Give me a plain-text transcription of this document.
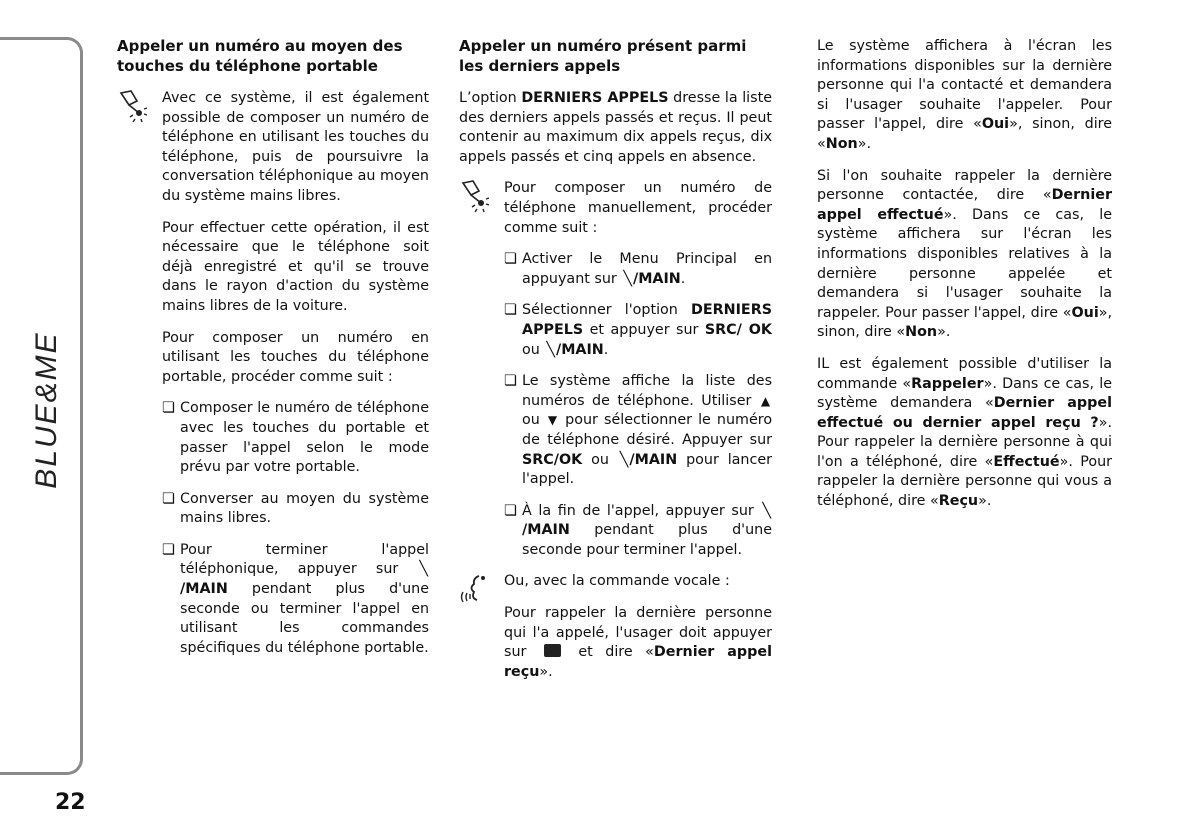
BLUE&ME
22
Appeler un numéro au moyen des touches du téléphone portable

Avec ce système, il est également possible de composer un numéro de téléphone en utilisant les touches du téléphone, puis de poursuivre la conversation téléphonique au moyen du système mains libres.

Pour effectuer cette opération, il est nécessaire que le téléphone soit déjà enregistré et qu'il se trouve dans le rayon d'action du système mains libres de la voiture.

Pour composer un numéro en utilisant les touches du téléphone portable, procéder comme suit :

❏ Composer le numéro de téléphone avec les touches du portable et passer l'appel selon le mode prévu par votre portable.

❏ Converser au moyen du système mains libres.

❏ Pour	terminer	l'appel téléphonique, appuyer sur ╲/MAIN pendant plus d'une seconde ou terminer l'appel en utilisant	les	commandes spécifiques du téléphone portable.

Appeler un numéro présent parmi les derniers appels

L’option DERNIERS APPELS dresse la liste des derniers appels passés et reçus. Il peut contenir au maximum dix appels reçus, dix appels passés et cinq appels en absence.

Pour composer un numéro de téléphone manuellement, procéder comme suit :

❏ Activer le Menu Principal en appuyant sur ╲/MAIN.

❏ Sélectionner l'option DERNIERS APPELS et appuyer sur SRC/ OK ou ╲/MAIN.

❏ Le système affiche la liste des numéros de téléphone. Utiliser ▲ ou ▼ pour sélectionner le numéro de téléphone désiré. Appuyer sur SRC/OK ou ╲/MAIN pour lancer l'appel.

❏ À la fin de l'appel, appuyer sur ╲/MAIN pendant plus d'une seconde pour terminer l'appel.

Ou, avec la commande vocale :

Pour rappeler la dernière personne qui l'a appelé, l'usager doit appuyer sur	et dire «Dernier appel reçu».

Le système affichera à l'écran les informations disponibles sur la dernière personne qui l'a contacté et demandera si l'usager souhaite l'appeler. Pour passer l'appel, dire «Oui», sinon, dire «Non».

Si l'on souhaite rappeler la dernière personne contactée, dire «Dernier appel effectué». Dans ce cas, le système affichera sur l'écran les informations disponibles relatives à la dernière personne appelée et demandera si l'usager souhaite la rappeler. Pour passer l'appel, dire «Oui», sinon, dire «Non».

IL est également possible d'utiliser la commande «Rappeler». Dans ce cas, le système demandera «Dernier appel effectué ou dernier appel reçu ?». Pour rappeler la dernière personne à qui l'on a téléphoné, dire «Effectué». Pour rappeler la dernière personne qui vous a téléphoné, dire «Reçu».
